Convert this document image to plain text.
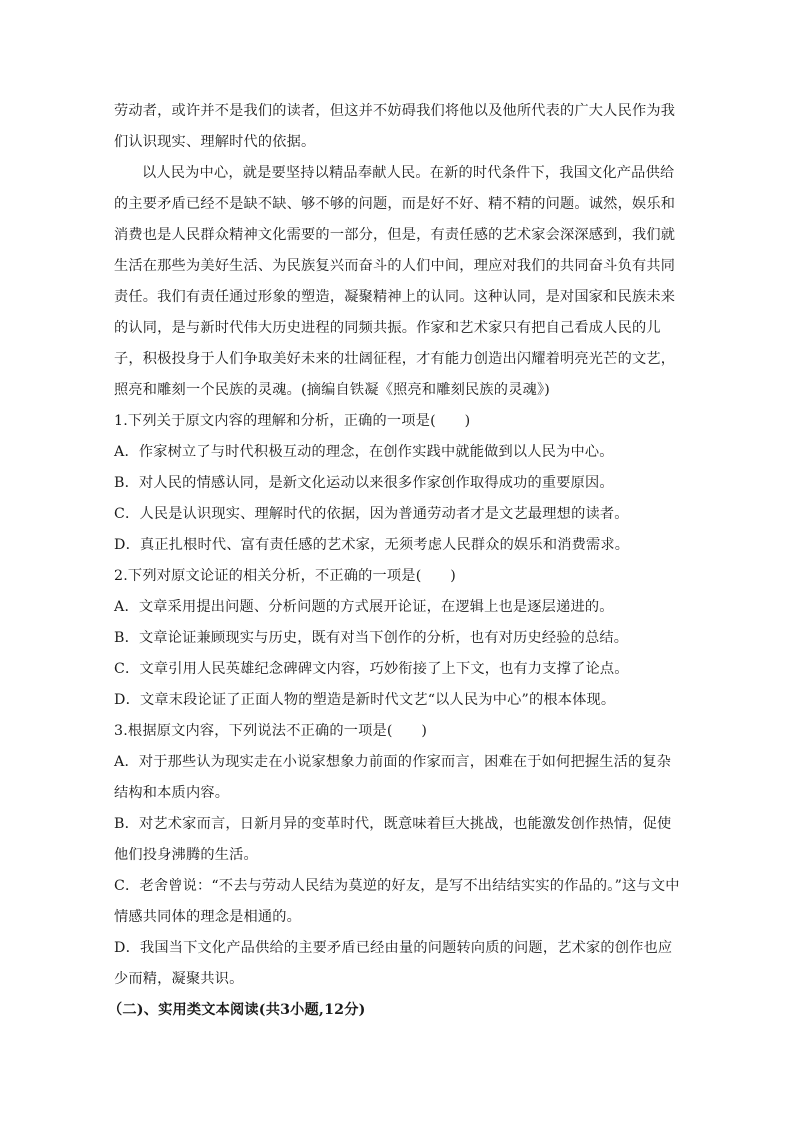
劳动者，或许并不是我们的读者，但这并不妨碍我们将他以及他所代表的广大人民作为我们认识现实、理解时代的依据。

以人民为中心，就是要坚持以精品奉献人民。在新的时代条件下，我国文化产品供给的主要矛盾已经不是缺不缺、够不够的问题，而是好不好、精不精的问题。诚然，娱乐和消费也是人民群众精神文化需要的一部分，但是，有责任感的艺术家会深深感到，我们就生活在那些为美好生活、为民族复兴而奋斗的人们中间，理应对我们的共同奋斗负有共同责任。我们有责任通过形象的塑造，凝聚精神上的认同。这种认同，是对国家和民族未来的认同，是与新时代伟大历史进程的同频共振。作家和艺术家只有把自己看成人民的儿子，积极投身于人们争取美好未来的壮阔征程，才有能力创造出闪耀着明亮光芒的文艺，照亮和雕刻一个民族的灵魂。(摘编自铁凝《照亮和雕刻民族的灵魂》)

1.下列关于原文内容的理解和分析，正确的一项是(　　)

A．作家树立了与时代积极互动的理念，在创作实践中就能做到以人民为中心。

B．对人民的情感认同，是新文化运动以来很多作家创作取得成功的重要原因。

C．人民是认识现实、理解时代的依据，因为普通劳动者才是文艺最理想的读者。

D．真正扎根时代、富有责任感的艺术家，无须考虑人民群众的娱乐和消费需求。

2.下列对原文论证的相关分析，不正确的一项是(　　)

A．文章采用提出问题、分析问题的方式展开论证，在逻辑上也是逐层递进的。

B．文章论证兼顾现实与历史，既有对当下创作的分析，也有对历史经验的总结。

C．文章引用人民英雄纪念碑碑文内容，巧妙衔接了上下文，也有力支撑了论点。

D．文章末段论证了正面人物的塑造是新时代文艺“以人民为中心”的根本体现。

3.根据原文内容，下列说法不正确的一项是(　　)

A．对于那些认为现实走在小说家想象力前面的作家而言，困难在于如何把握生活的复杂结构和本质内容。

B．对艺术家而言，日新月异的变革时代，既意味着巨大挑战，也能激发创作热情，促使他们投身沸腾的生活。

C．老舍曾说：“不去与劳动人民结为莫逆的好友，是写不出结结实实的作品的。”这与文中情感共同体的理念是相通的。

D．我国当下文化产品供给的主要矛盾已经由量的问题转向质的问题，艺术家的创作也应少而精，凝聚共识。

（二)、实用类文本阅读(共3小题,12分)
